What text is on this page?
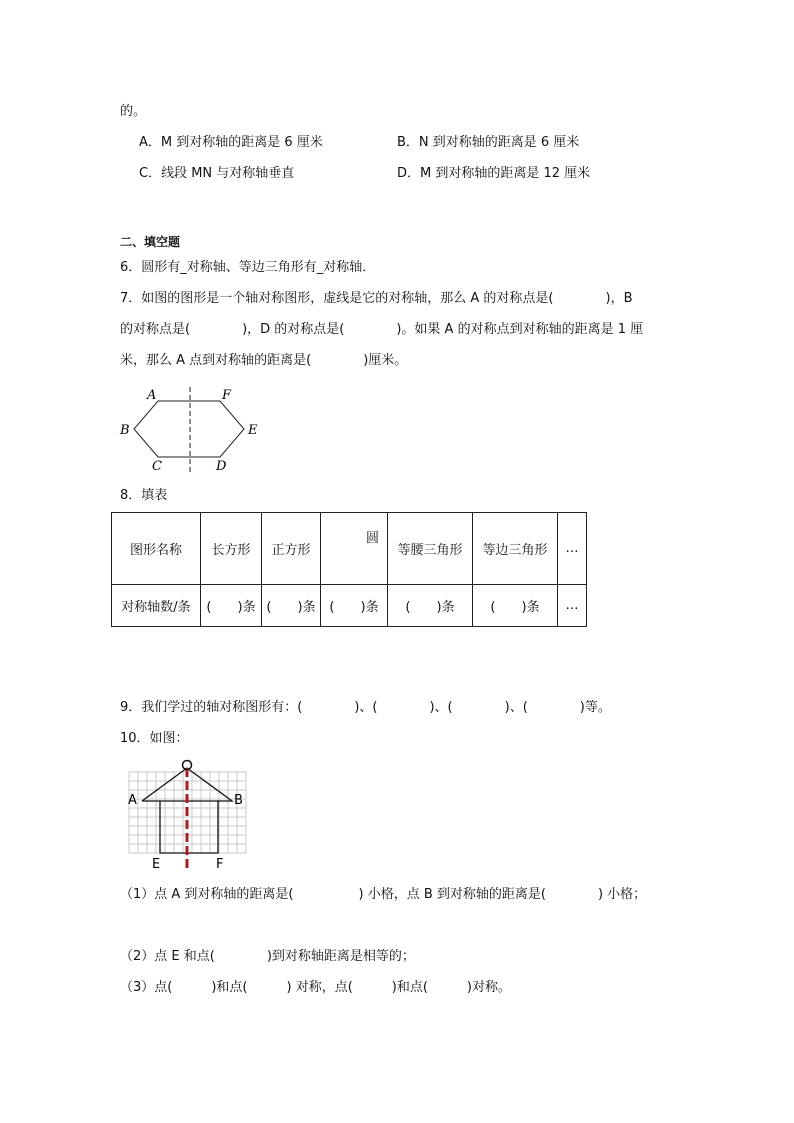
的。
A．M 到对称轴的距离是 6 厘米	B．N 到对称轴的距离是 6 厘米
C．线段 MN 与对称轴垂直	D．M 到对称轴的距离是 12 厘米
二、填空题
6．圆形有_对称轴、等边三角形有_对称轴．
7．如图的图形是一个轴对称图形，虚线是它的对称轴，那么 A 的对称点是(　　　　)，B
的对称点是(　　　　)，D 的对称点是(　　　　)。如果 A 的对称点到对称轴的距离是 1 厘
米，那么 A 点到对称轴的距离是(　　　　)厘米。
A	F
B	E
C	D
8．填表
图形名称	长方形	正方形	圆	等腰三角形	等边三角形	…
对称轴数/条	(　　)条	(　　)条	(　　)条	(　　)条	(　　)条	…
9．我们学过的轴对称图形有：(　　　　)、(　　　　)、(　　　　)、(　　　　)等。
10．如图：
A	B
E	F
（1）点 A 到对称轴的距离是(　　　　　) 小格，点 B 到对称轴的距离是(　　　　) 小格；
（2）点 E 和点(　　　　)到对称轴距离是相等的；
（3）点(　　　)和点(　　　) 对称，点(　　　)和点(　　　)对称。
